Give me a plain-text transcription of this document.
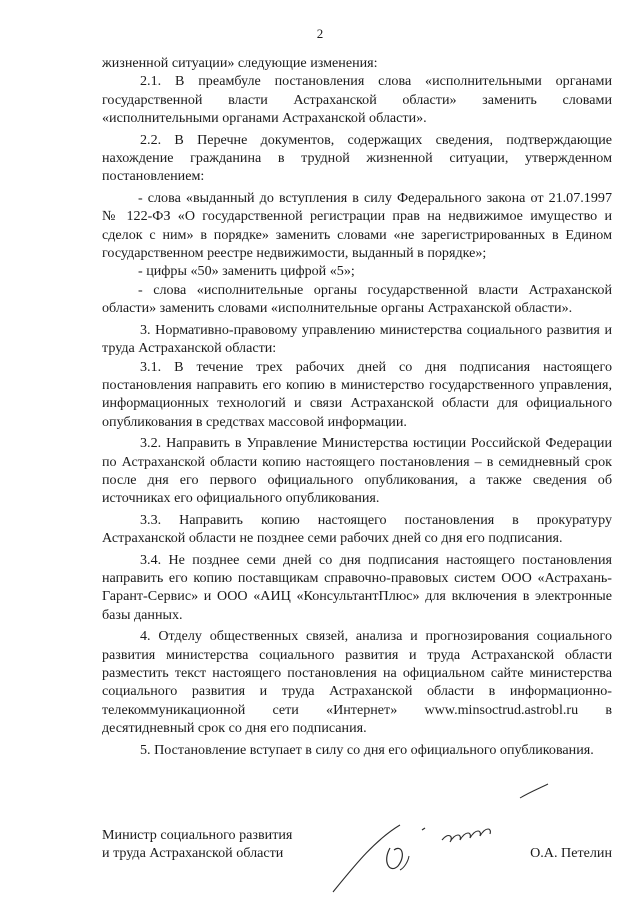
2

жизненной ситуации» следующие изменения:

2.1. В преамбуле постановления слова «исполнительными органами государственной власти Астраханской области» заменить словами «исполнительными органами Астраханской области».

2.2. В Перечне документов, содержащих сведения, подтверждающие нахождение гражданина в трудной жизненной ситуации, утвержденном постановлением:

- слова «выданный до вступления в силу Федерального закона от 21.07.1997 № 122-ФЗ «О государственной регистрации прав на недвижимое имущество и сделок с ним» в порядке» заменить словами «не зарегистрированных в Едином государственном реестре недвижимости, выданный в порядке»;

- цифры «50» заменить цифрой «5»;

- слова «исполнительные органы государственной власти Астраханской области» заменить словами «исполнительные органы Астраханской области».

3. Нормативно-правовому управлению министерства социального развития и труда Астраханской области:

3.1. В течение трех рабочих дней со дня подписания настоящего постановления направить его копию в министерство государственного управления, информационных технологий и связи Астраханской области для официального опубликования в средствах массовой информации.

3.2. Направить в Управление Министерства юстиции Российской Федерации по Астраханской области копию настоящего постановления – в семидневный срок после дня его первого официального опубликования, а также сведения об источниках его официального опубликования.

3.3. Направить копию настоящего постановления в прокуратуру Астраханской области не позднее семи рабочих дней со дня его подписания.

3.4. Не позднее семи дней со дня подписания настоящего постановления направить его копию поставщикам справочно-правовых систем ООО «Астрахань-Гарант-Сервис» и ООО «АИЦ «КонсультантПлюс» для включения в электронные базы данных.

4. Отделу общественных связей, анализа и прогнозирования социального развития министерства социального развития и труда Астраханской области разместить текст настоящего постановления на официальном сайте министерства социального развития и труда Астраханской области в информационно-телекоммуникационной сети «Интернет» www.minsoctrud.astrobl.ru в десятидневный срок со дня его подписания.

5. Постановление вступает в силу со дня его официального опубликования.

Министр социального развития
и труда Астраханской области	О.А. Петелин
